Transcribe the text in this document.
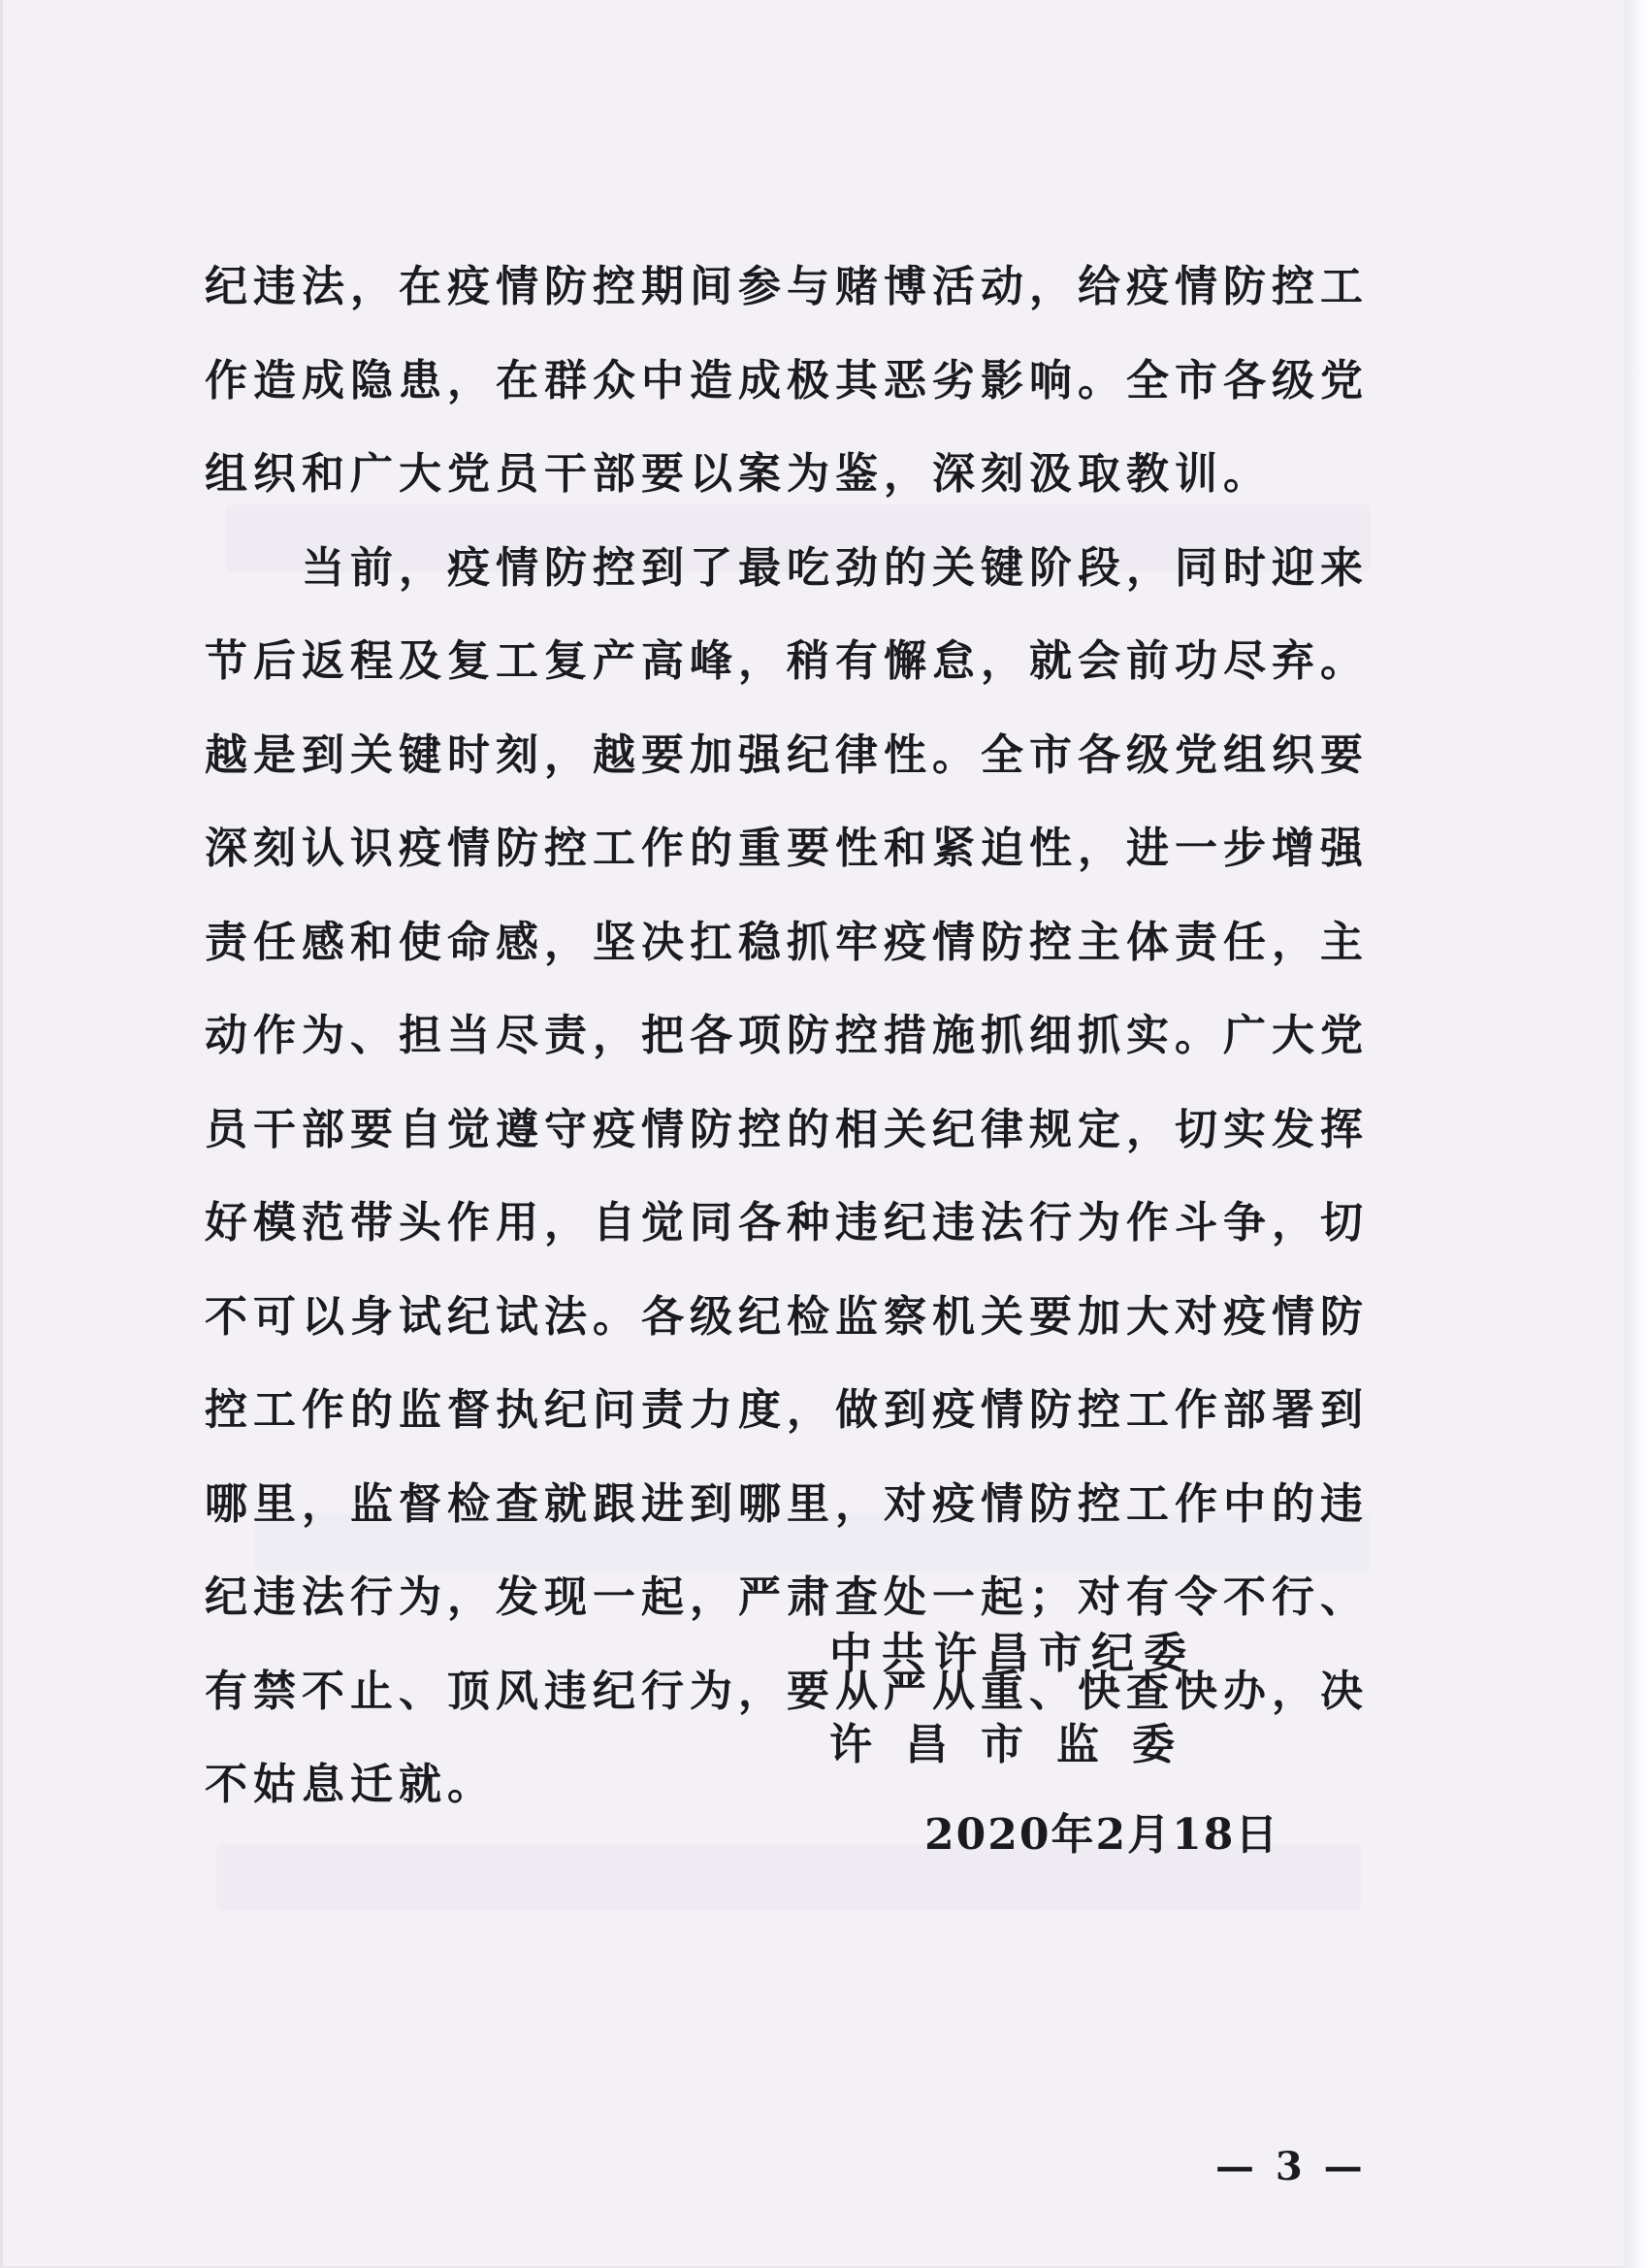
纪违法，在疫情防控期间参与赌博活动，给疫情防控工作造成隐患，在群众中造成极其恶劣影响。全市各级党组织和广大党员干部要以案为鉴，深刻汲取教训。

当前，疫情防控到了最吃劲的关键阶段，同时迎来节后返程及复工复产高峰，稍有懈怠，就会前功尽弃。越是到关键时刻，越要加强纪律性。全市各级党组织要深刻认识疫情防控工作的重要性和紧迫性，进一步增强责任感和使命感，坚决扛稳抓牢疫情防控主体责任，主动作为、担当尽责，把各项防控措施抓细抓实。广大党员干部要自觉遵守疫情防控的相关纪律规定，切实发挥好模范带头作用，自觉同各种违纪违法行为作斗争，切不可以身试纪试法。各级纪检监察机关要加大对疫情防控工作的监督执纪问责力度，做到疫情防控工作部署到哪里，监督检查就跟进到哪里，对疫情防控工作中的违纪违法行为，发现一起，严肃查处一起；对有令不行、有禁不止、顶风违纪行为，要从严从重、快查快办，决不姑息迁就。

中共许昌市纪委
许昌市监委
2020年2月18日
— 3 —
